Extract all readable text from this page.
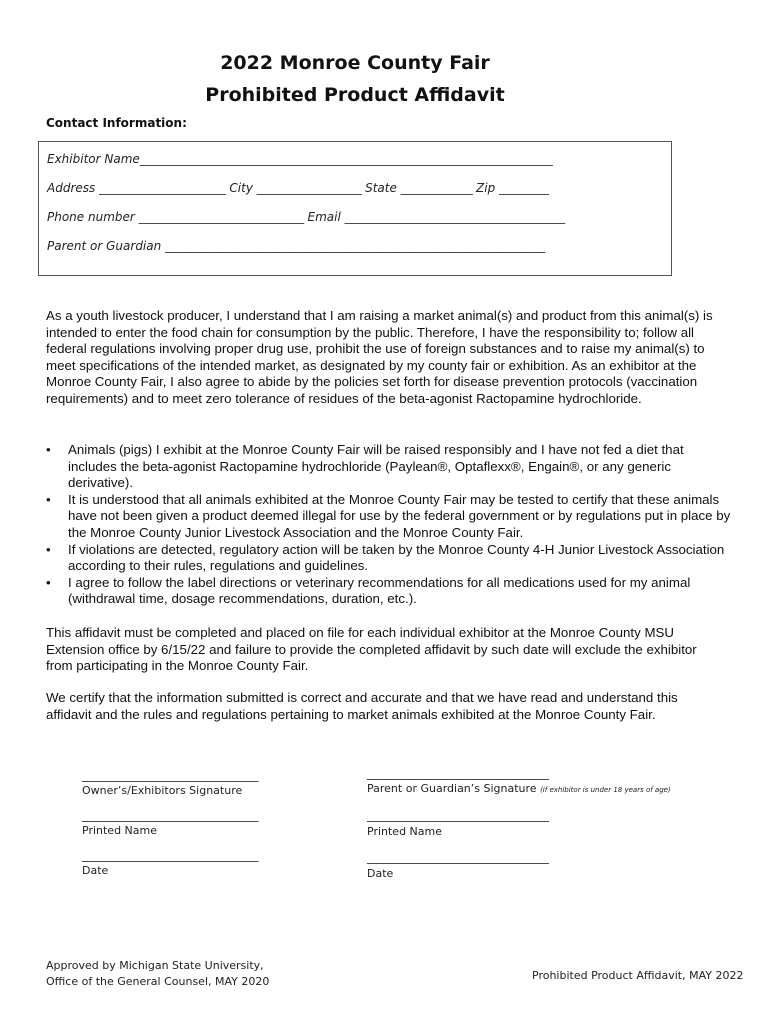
2022 Monroe County Fair
Prohibited Product Affidavit
Contact Information:
Exhibitor Name___________________________________________________________________________
Address _______________________ City ___________________ State _____________ Zip _________
Phone number ______________________________ Email ________________________________________
Parent or Guardian _____________________________________________________________________
As a youth livestock producer, I understand that I am raising a market animal(s) and product from this animal(s) is intended to enter the food chain for consumption by the public. Therefore, I have the responsibility to; follow all federal regulations involving proper drug use, prohibit the use of foreign substances and to raise my animal(s) to meet specifications of the intended market, as designated by my county fair or exhibition. As an exhibitor at the Monroe County Fair, I also agree to abide by the policies set forth for disease prevention protocols (vaccination requirements) and to meet zero tolerance of residues of the beta-agonist Ractopamine hydrochloride.
• Animals (pigs) I exhibit at the Monroe County Fair will be raised responsibly and I have not fed a diet that includes the beta-agonist Ractopamine hydrochloride (Paylean®, Optaflexx®, Engain®, or any generic derivative).
• It is understood that all animals exhibited at the Monroe County Fair may be tested to certify that these animals have not been given a product deemed illegal for use by the federal government or by regulations put in place by the Monroe County Junior Livestock Association and the Monroe County Fair.
• If violations are detected, regulatory action will be taken by the Monroe County 4-H Junior Livestock Association according to their rules, regulations and guidelines.
• I agree to follow the label directions or veterinary recommendations for all medications used for my animal (withdrawal time, dosage recommendations, duration, etc.).
This affidavit must be completed and placed on file for each individual exhibitor at the Monroe County MSU Extension office by 6/15/22 and failure to provide the completed affidavit by such date will exclude the exhibitor from participating in the Monroe County Fair.
We certify that the information submitted is correct and accurate and that we have read and understand this affidavit and the rules and regulations pertaining to market animals exhibited at the Monroe County Fair.
________________________________
Owner’s/Exhibitors Signature
_________________________________
Parent or Guardian’s Signature (if exhibitor is under 18 years of age)
________________________________
Printed Name
_________________________________
Printed Name
________________________________
Date
_________________________________
Date
Approved by Michigan State University,
Office of the General Counsel, MAY 2020	Prohibited Product Affidavit, MAY 2022
